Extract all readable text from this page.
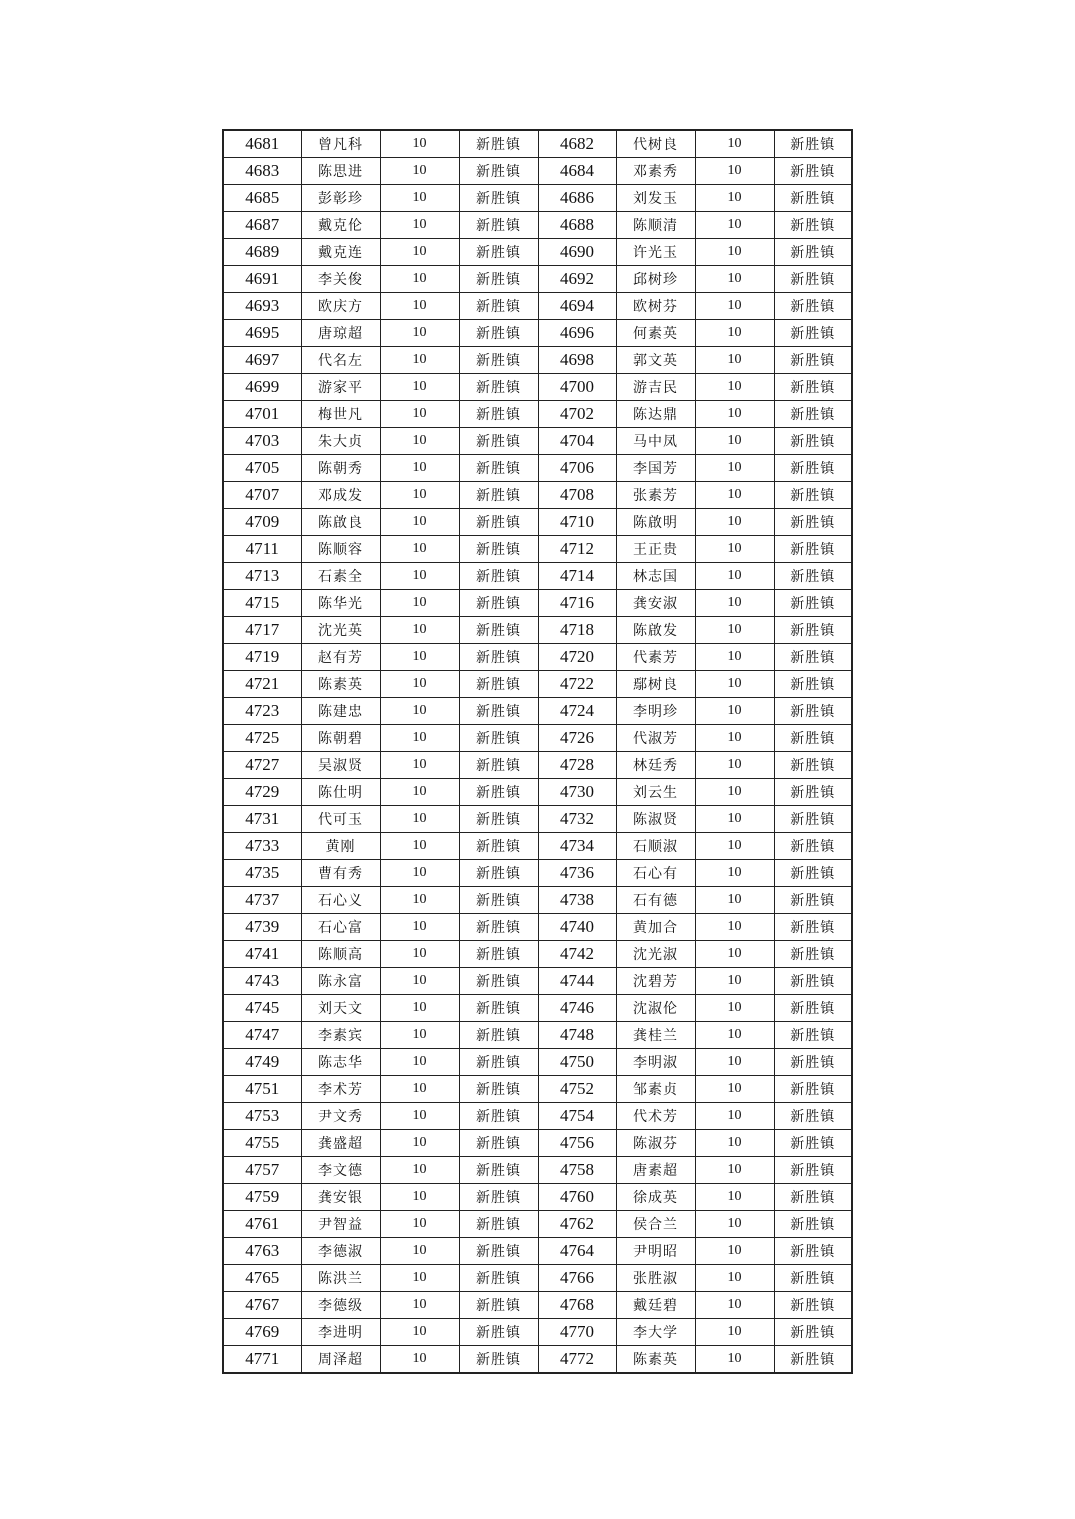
4681	曾凡科	10	新胜镇	4682	代树良	10	新胜镇
4683	陈思进	10	新胜镇	4684	邓素秀	10	新胜镇
4685	彭彰珍	10	新胜镇	4686	刘发玉	10	新胜镇
4687	戴克伦	10	新胜镇	4688	陈顺清	10	新胜镇
4689	戴克连	10	新胜镇	4690	许光玉	10	新胜镇
4691	李关俊	10	新胜镇	4692	邱树珍	10	新胜镇
4693	欧庆方	10	新胜镇	4694	欧树芬	10	新胜镇
4695	唐琼超	10	新胜镇	4696	何素英	10	新胜镇
4697	代名左	10	新胜镇	4698	郭文英	10	新胜镇
4699	游家平	10	新胜镇	4700	游吉民	10	新胜镇
4701	梅世凡	10	新胜镇	4702	陈达鼎	10	新胜镇
4703	朱大贞	10	新胜镇	4704	马中凤	10	新胜镇
4705	陈朝秀	10	新胜镇	4706	李国芳	10	新胜镇
4707	邓成发	10	新胜镇	4708	张素芳	10	新胜镇
4709	陈啟良	10	新胜镇	4710	陈啟明	10	新胜镇
4711	陈顺容	10	新胜镇	4712	王正贵	10	新胜镇
4713	石素全	10	新胜镇	4714	林志国	10	新胜镇
4715	陈华光	10	新胜镇	4716	龚安淑	10	新胜镇
4717	沈光英	10	新胜镇	4718	陈啟发	10	新胜镇
4719	赵有芳	10	新胜镇	4720	代素芳	10	新胜镇
4721	陈素英	10	新胜镇	4722	鄢树良	10	新胜镇
4723	陈建忠	10	新胜镇	4724	李明珍	10	新胜镇
4725	陈朝碧	10	新胜镇	4726	代淑芳	10	新胜镇
4727	吴淑贤	10	新胜镇	4728	林廷秀	10	新胜镇
4729	陈仕明	10	新胜镇	4730	刘云生	10	新胜镇
4731	代可玉	10	新胜镇	4732	陈淑贤	10	新胜镇
4733	黄刚	10	新胜镇	4734	石顺淑	10	新胜镇
4735	曹有秀	10	新胜镇	4736	石心有	10	新胜镇
4737	石心义	10	新胜镇	4738	石有德	10	新胜镇
4739	石心富	10	新胜镇	4740	黄加合	10	新胜镇
4741	陈顺高	10	新胜镇	4742	沈光淑	10	新胜镇
4743	陈永富	10	新胜镇	4744	沈碧芳	10	新胜镇
4745	刘天文	10	新胜镇	4746	沈淑伦	10	新胜镇
4747	李素宾	10	新胜镇	4748	龚桂兰	10	新胜镇
4749	陈志华	10	新胜镇	4750	李明淑	10	新胜镇
4751	李术芳	10	新胜镇	4752	邹素贞	10	新胜镇
4753	尹文秀	10	新胜镇	4754	代术芳	10	新胜镇
4755	龚盛超	10	新胜镇	4756	陈淑芬	10	新胜镇
4757	李文德	10	新胜镇	4758	唐素超	10	新胜镇
4759	龚安银	10	新胜镇	4760	徐成英	10	新胜镇
4761	尹智益	10	新胜镇	4762	侯合兰	10	新胜镇
4763	李德淑	10	新胜镇	4764	尹明昭	10	新胜镇
4765	陈洪兰	10	新胜镇	4766	张胜淑	10	新胜镇
4767	李德级	10	新胜镇	4768	戴廷碧	10	新胜镇
4769	李进明	10	新胜镇	4770	李大学	10	新胜镇
4771	周泽超	10	新胜镇	4772	陈素英	10	新胜镇
